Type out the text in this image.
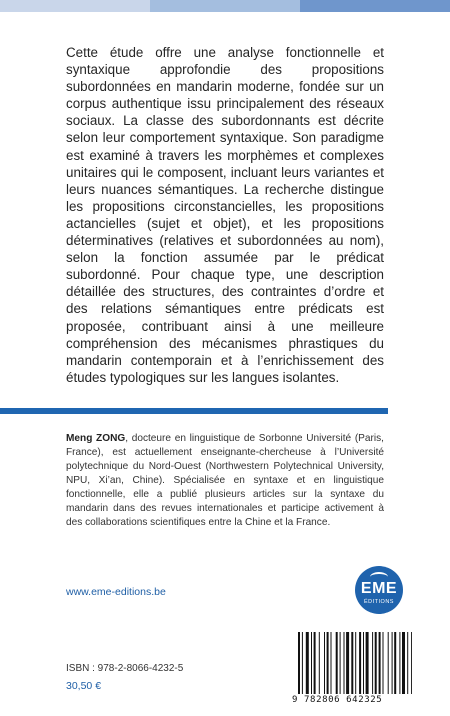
Cette étude offre une analyse fonctionnelle et syntaxique approfondie des propositions subordonnées en mandarin moderne, fondée sur un corpus authentique issu principalement des réseaux sociaux. La classe des subordonnants est décrite selon leur comportement syntaxique. Son paradigme est examiné à travers les morphèmes et complexes unitaires qui le composent, incluant leurs variantes et leurs nuances sémantiques. La recherche distingue les propositions circonstancielles, les propositions actancielles (sujet et objet), et les propositions déterminatives (relatives et subordonnées au nom), selon la fonction assumée par le prédicat subordonné. Pour chaque type, une description détaillée des structures, des contraintes d’ordre et des relations sémantiques entre prédicats est proposée, contribuant ainsi à une meilleure compréhension des mécanismes phrastiques du mandarin contemporain et à l’enrichissement des études typologiques sur les langues isolantes.

Meng ZONG, docteure en linguistique de Sorbonne Université (Paris, France), est actuellement enseignante-chercheuse à l’Université polytechnique du Nord-Ouest (Northwestern Polytechnical University, NPU, Xi’an, Chine). Spécialisée en syntaxe et en linguistique fonctionnelle, elle a publié plusieurs articles sur la syntaxe du mandarin dans des revues internationales et participe activement à des collaborations scientifiques entre la Chine et la France.

www.eme-editions.be	EME
ÉDITIONS
ISBN : 978-2-8066-4232-5
30,50 €
9 782806 642325
